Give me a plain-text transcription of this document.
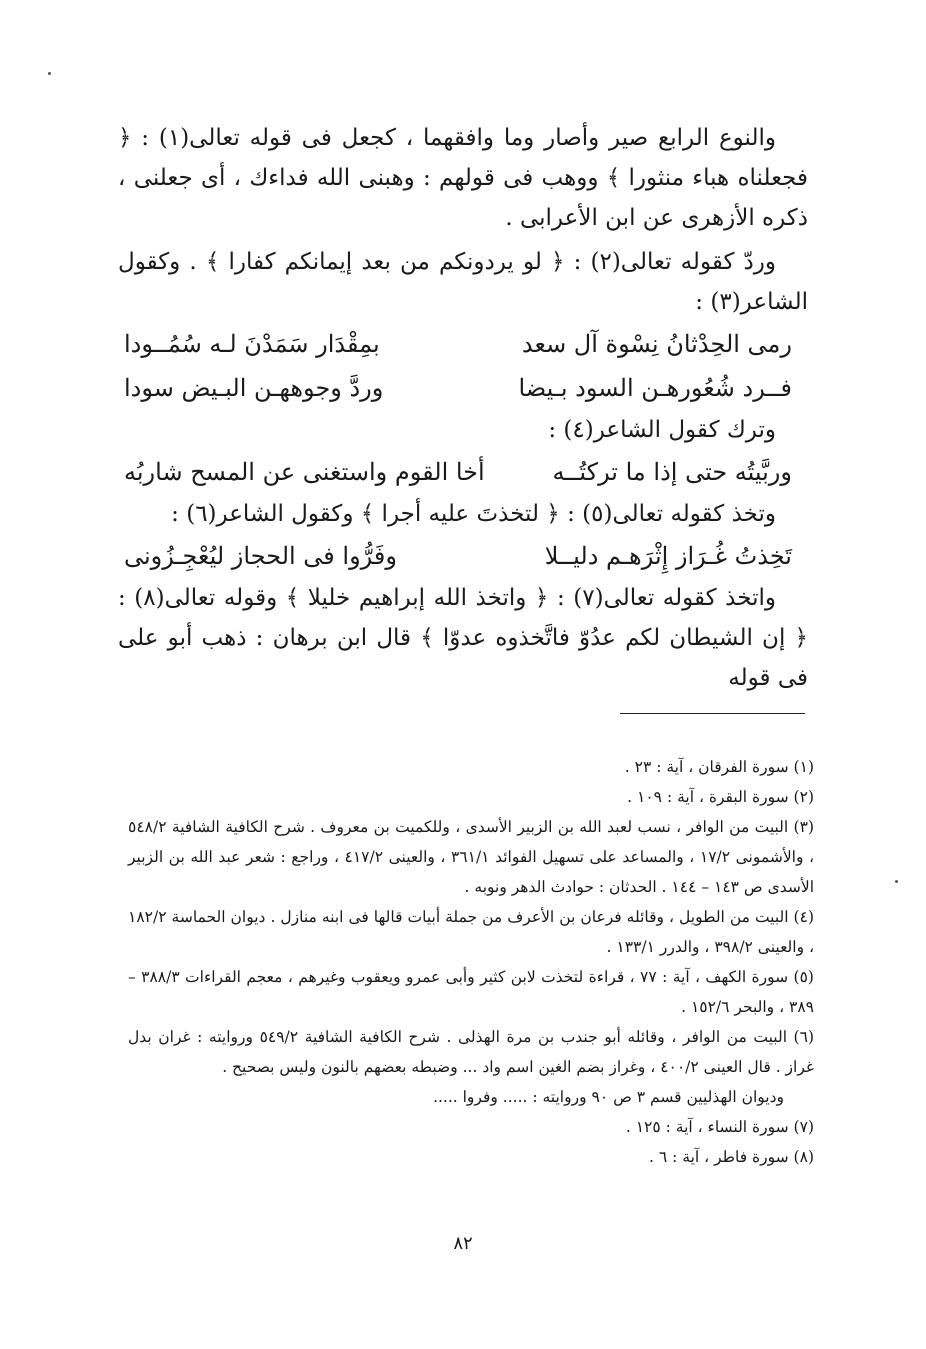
والنوع الرابع صير وأصار وما وافقهما ، كجعل فى قوله تعالى(١) : ﴿ فجعلناه هباء منثورا ﴾ ووهب فى قولهم : وهبنى الله فداءك ، أى جعلنى ، ذكره الأزهرى عن ابن الأعرابى .

وردّ كقوله تعالى(٢) : ﴿ لو يردونكم من بعد إيمانكم كفارا ﴾ . وكقول الشاعر(٣) :

رمى الحِدْثانُ نِسْوة آل سعد
بمِقْدَار سَمَدْنَ لـه سُمُــودا
فــرد شُعُورهـن السود بـيضا
وردَّ وجوههـن البـيض سودا

وترك كقول الشاعر(٤) :

وربَّيتُه حتى إذا ما تركتُــه
أخا القوم واستغنى عن المسح شاربُه

وتخذ كقوله تعالى(٥) : ﴿ لتخذتَ عليه أجرا ﴾ وكقول الشاعر(٦) :

تَخِذتُ غُـرَاز إِثْرَهـم دليــلا
وفَرُّوا فى الحجاز ليُعْجِـزُونى

واتخذ كقوله تعالى(٧) : ﴿ واتخذ الله إبراهيم خليلا ﴾ وقوله تعالى(٨) : ﴿ إن الشيطان لكم عدُوّ فاتَّخذوه عدوّا ﴾ قال ابن برهان : ذهب أبو على فى قوله

(١) سورة الفرقان ، آية : ٢٣ .

(٢) سورة البقرة ، آية : ١٠٩ .

(٣) البيت من الوافر ، نسب لعبد الله بن الزبير الأسدى ، وللكميت بن معروف . شرح الكافية الشافية ٥٤٨/٢ ، والأشمونى ١٧/٢ ، والمساعد على تسهيل الفوائد ٣٦١/١ ، والعينى ٤١٧/٢ ، وراجع : شعر عبد الله بن الزبير الأسدى ص ١٤٣ – ١٤٤ . الحدثان : حوادث الدهر ونوبه .

(٤) البيت من الطويل ، وقائله فرعان بن الأعرف من جملة أبيات قالها فى ابنه منازل . ديوان الحماسة ١٨٢/٢ ، والعينى ٣٩٨/٢ ، والدرر ١٣٣/١ .

(٥) سورة الكهف ، آية : ٧٧ ، قراءة لتخذت لابن كثير وأبى عمرو ويعقوب وغيرهم ، معجم القراءات ٣٨٨/٣ – ٣٨٩ ، والبحر ١٥٢/٦ .

(٦) البيت من الوافر ، وقائله أبو جندب بن مرة الهذلى . شرح الكافية الشافية ٥٤٩/٢ وروايته : غران بدل غراز . قال العينى ٤٠٠/٢ ، وغراز بضم الغين اسم واد ... وضبطه بعضهم بالنون وليس بصحيح .

وديوان الهذليين قسم ٣ ص ٩٠ وروايته : ..... وفروا .....

(٧) سورة النساء ، آية : ١٢٥ .

(٨) سورة فاطر ، آية : ٦ .

٨٢
